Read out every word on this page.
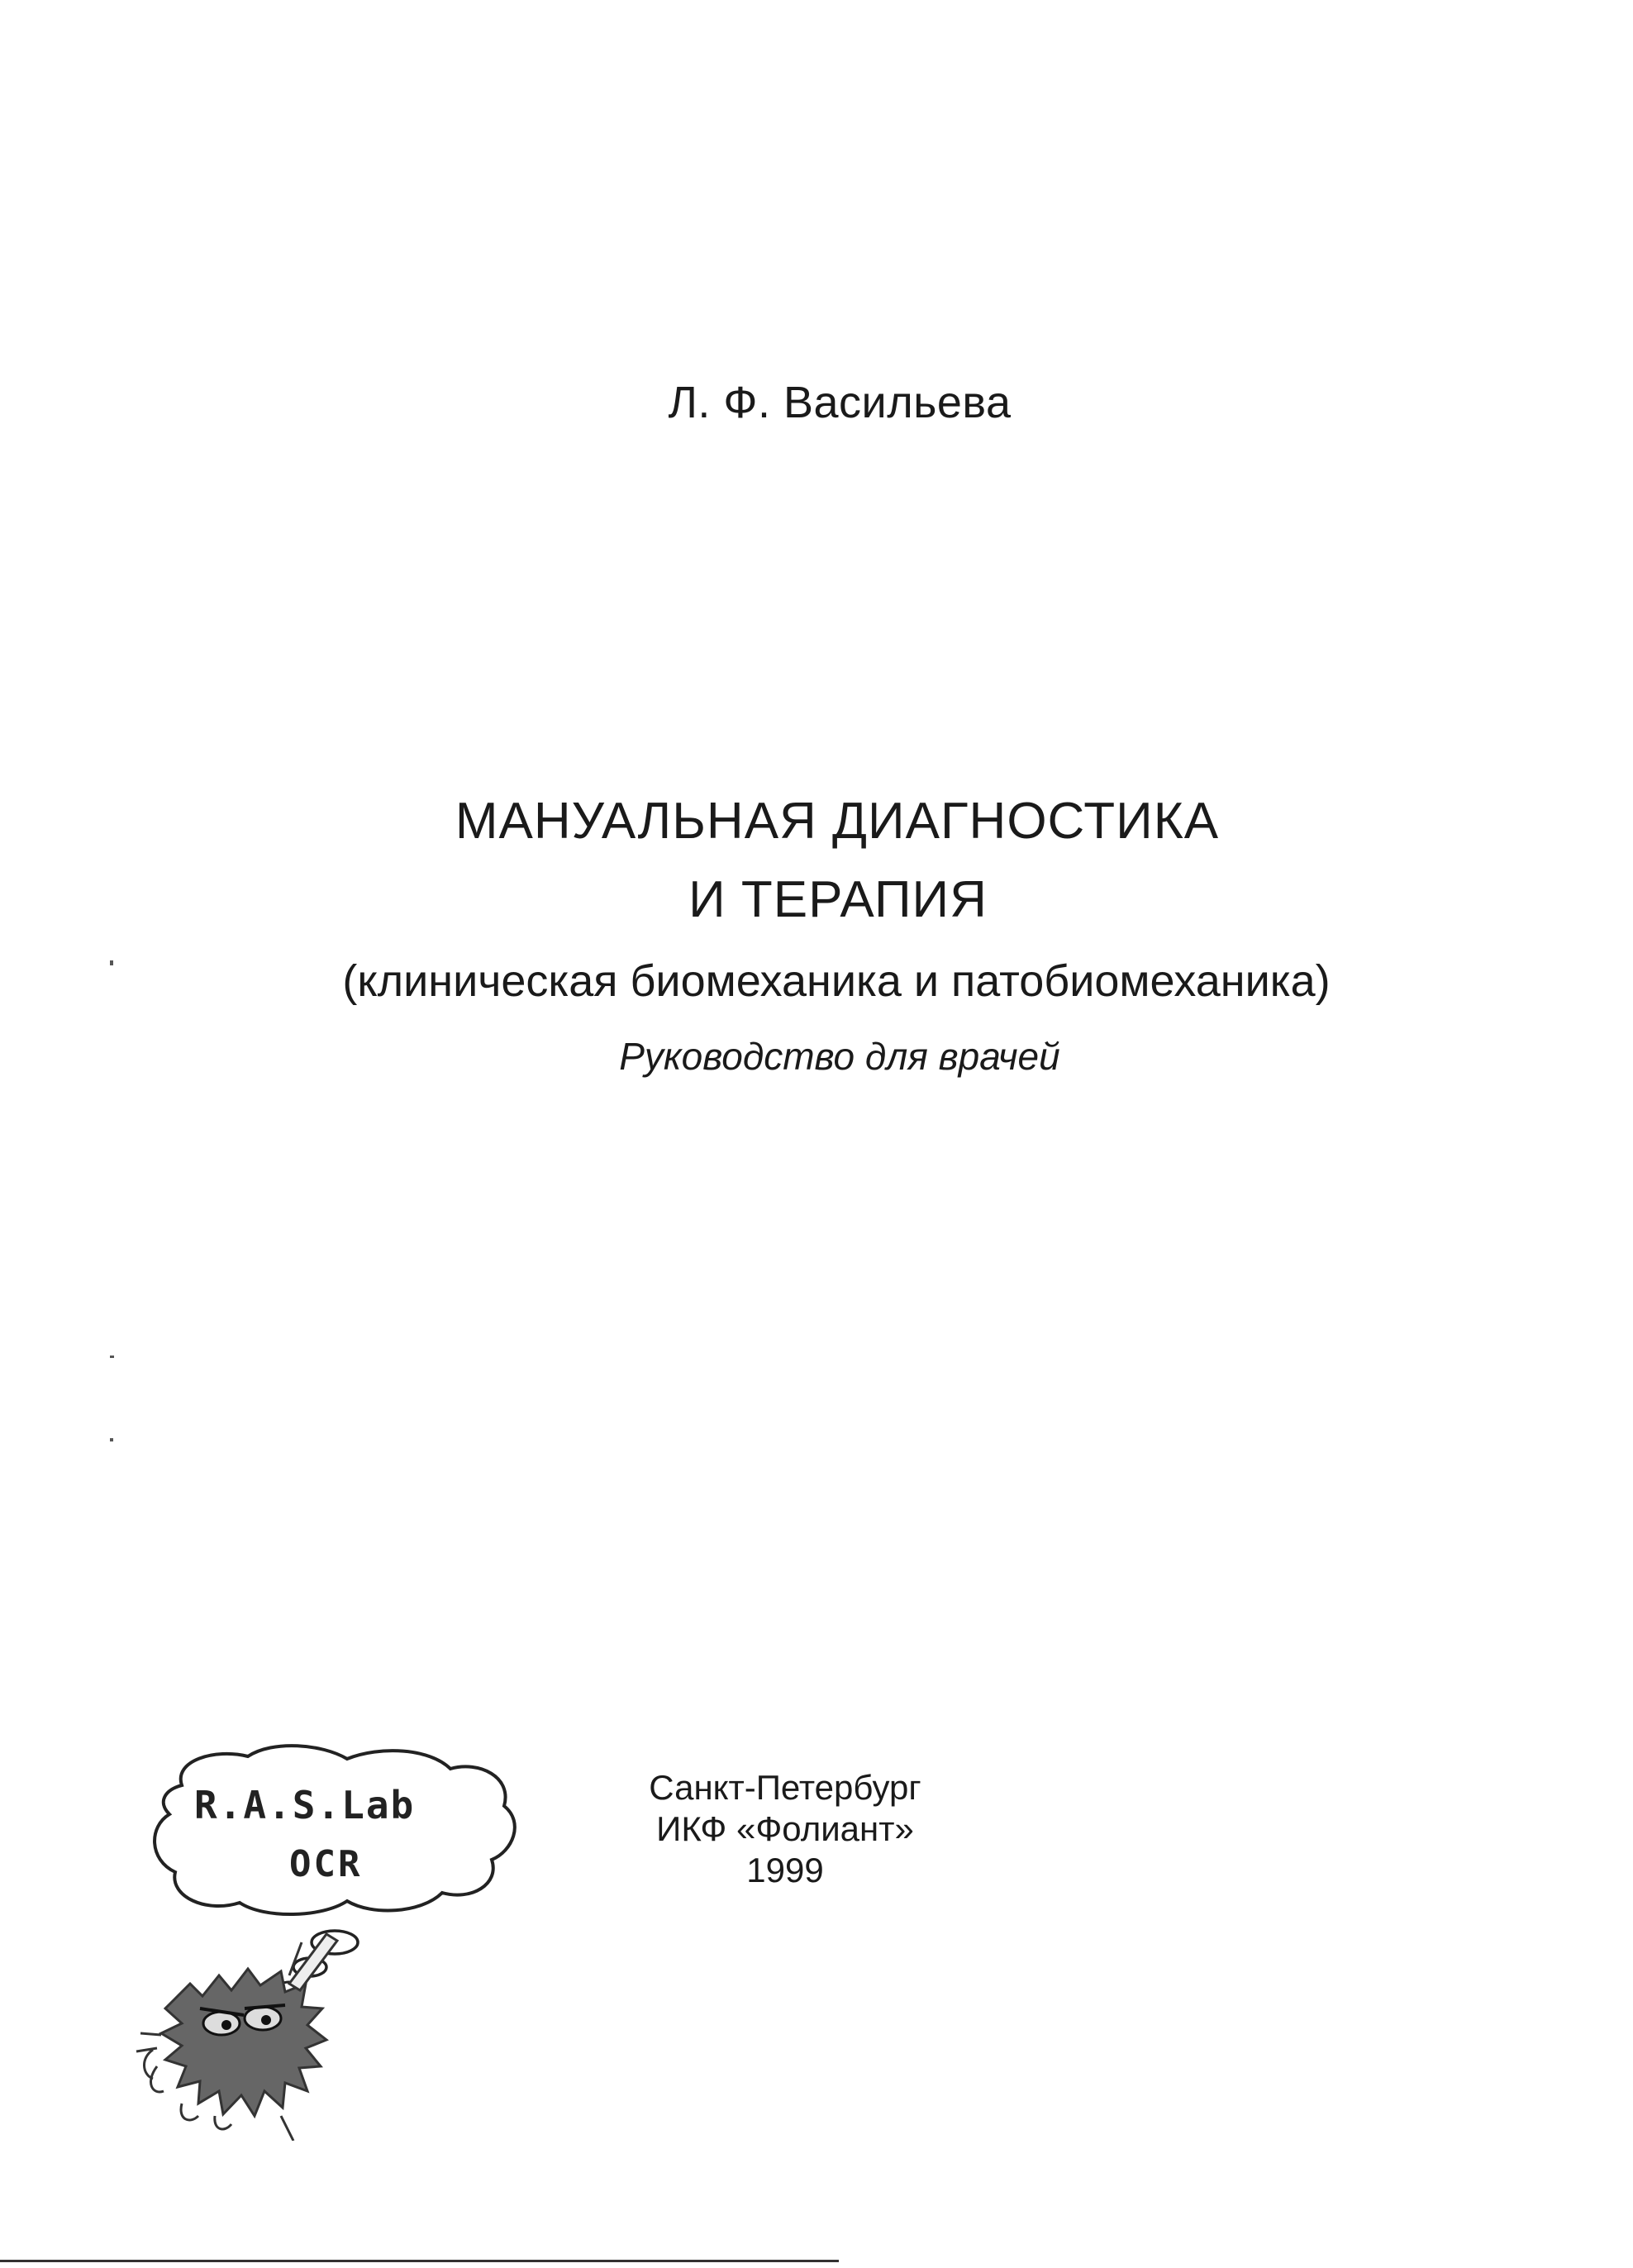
Л. Ф. Васильева
МАНУАЛЬНАЯ ДИАГНОСТИКА
И ТЕРАПИЯ
(клиническая биомеханика и патобиомеханика)
Руководство для врачей
Санкт-Петербург
ИКФ «Фолиант»
1999
R.A.S.Lab
OCR
